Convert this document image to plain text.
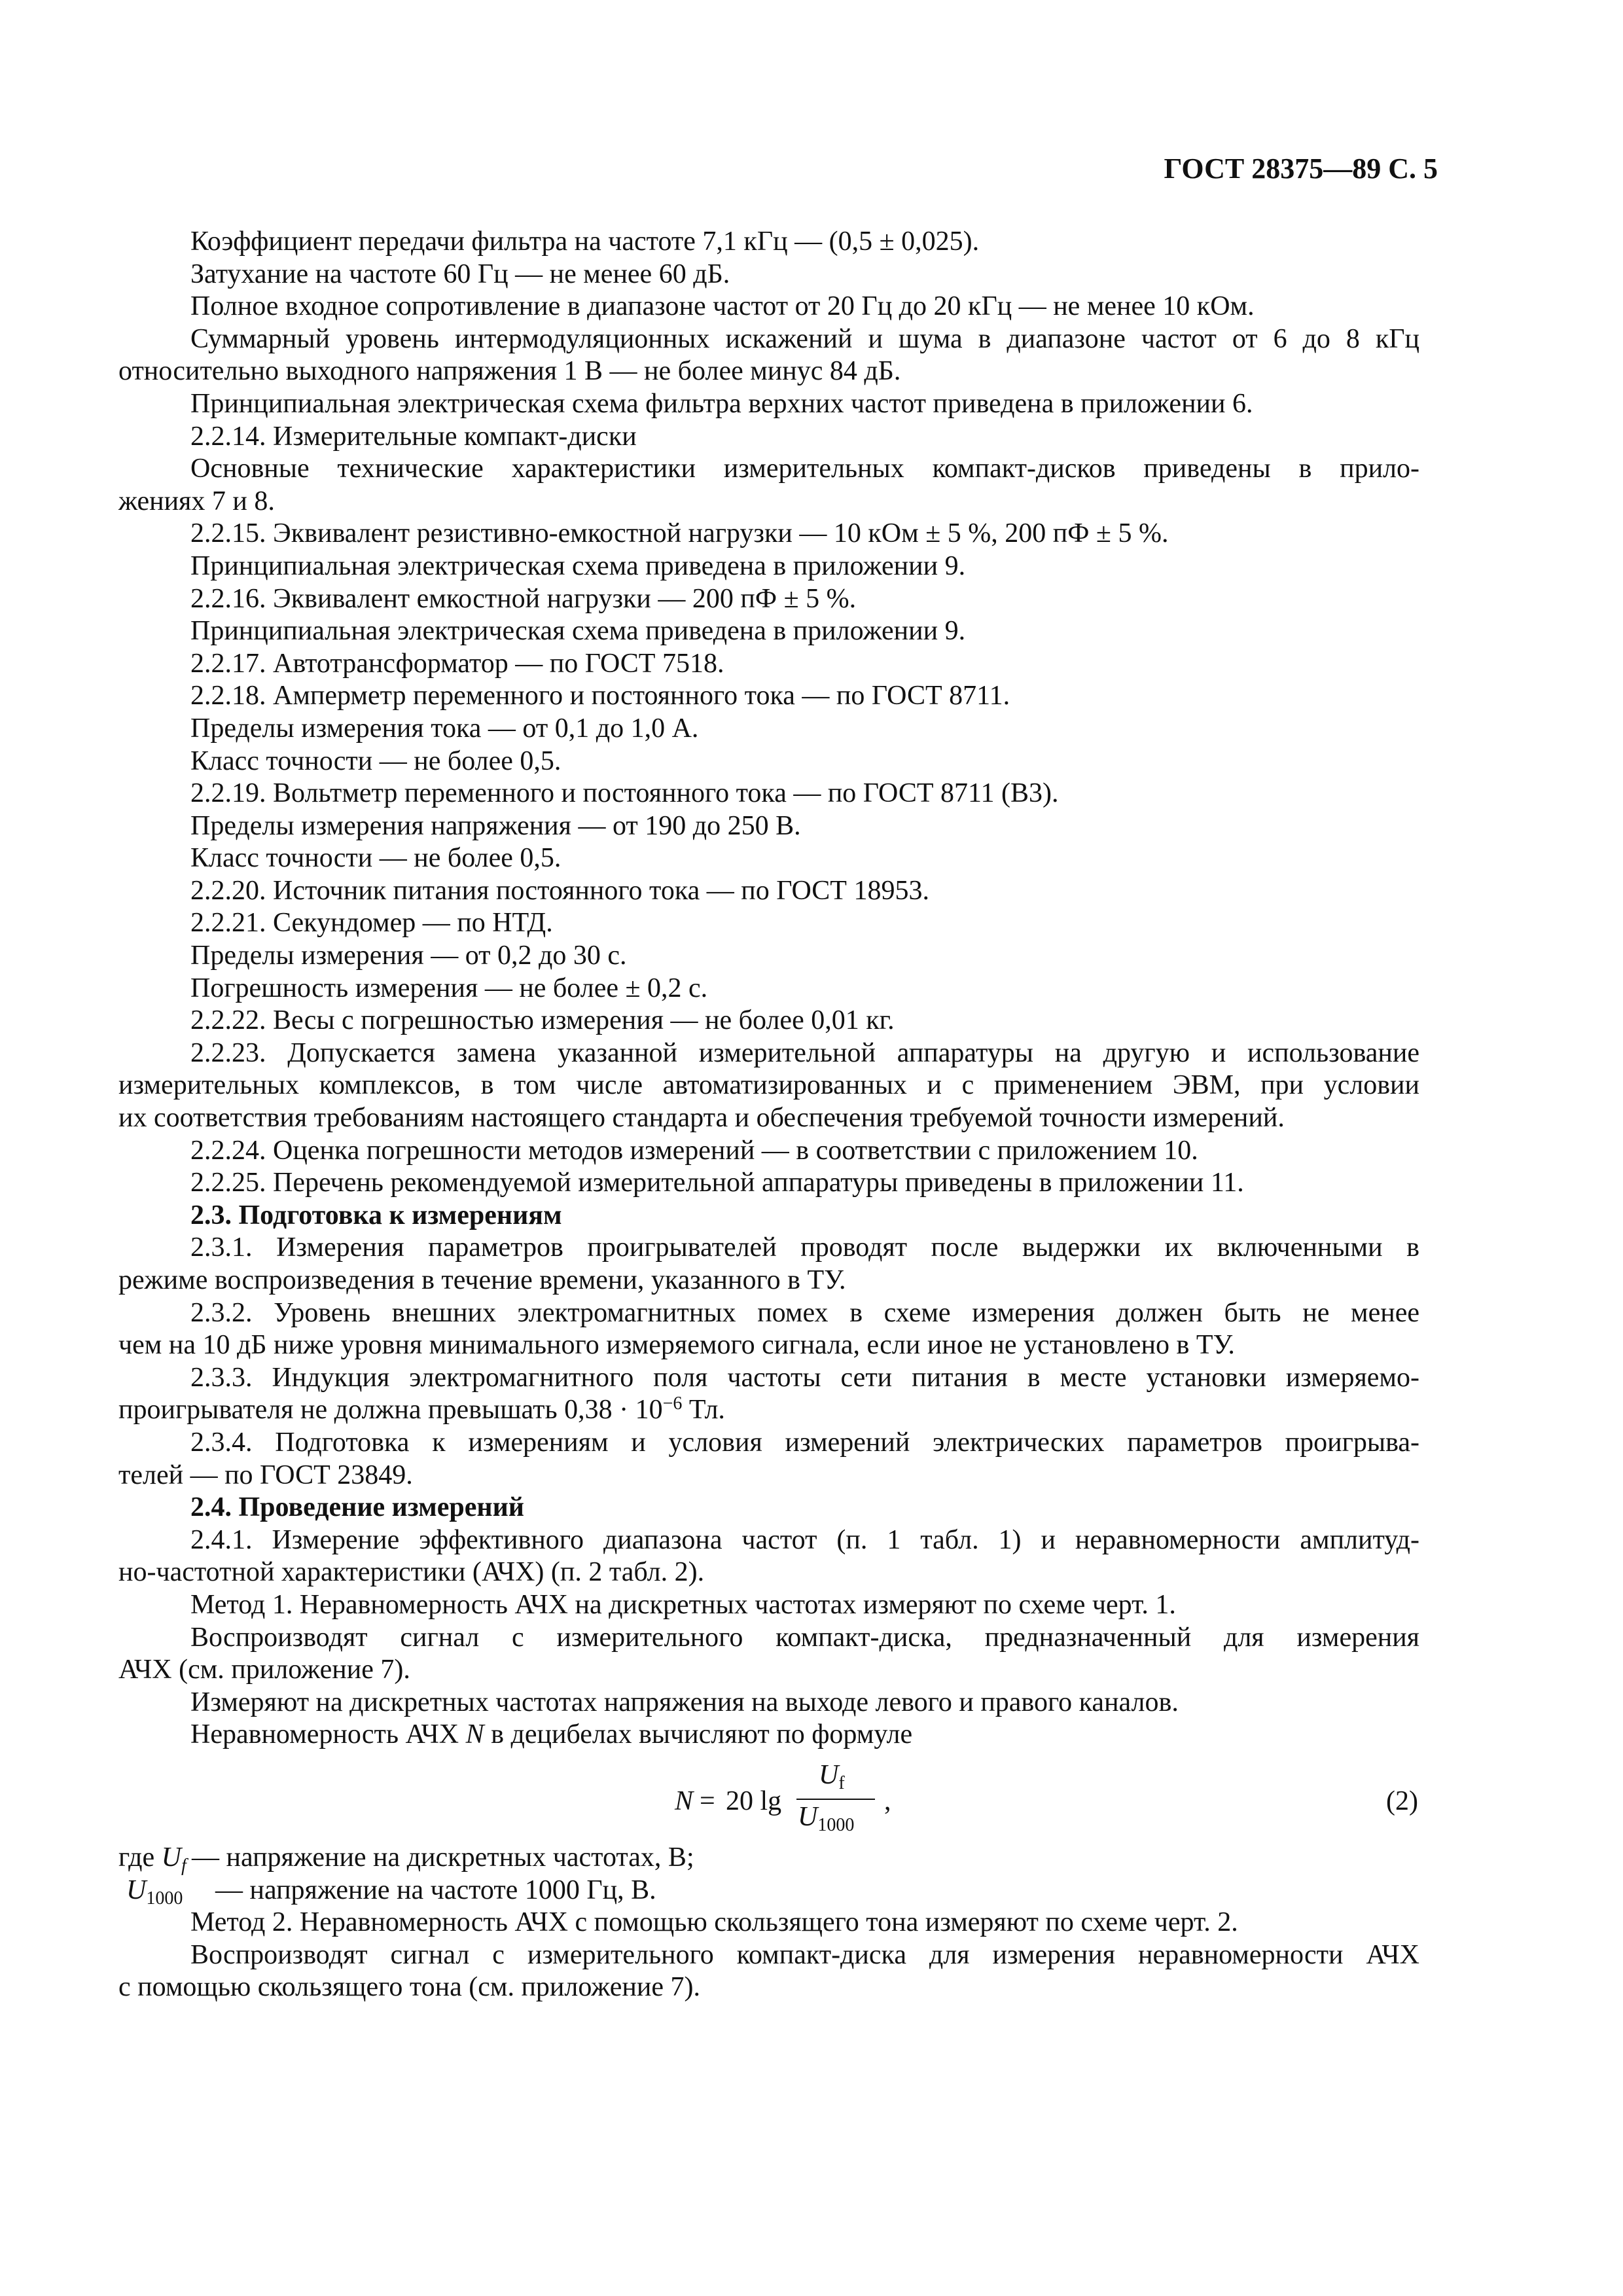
ГОСТ 28375—89 С. 5
Коэффициент передачи фильтра на частоте 7,1 кГц — (0,5 ± 0,025).
Затухание на частоте 60 Гц — не менее 60 дБ.
Полное входное сопротивление в диапазоне частот от 20 Гц до 20 кГц — не менее 10 кОм.
Суммарный уровень интермодуляционных искажений и шума в диапазоне частот от 6 до 8 кГц
относительно выходного напряжения 1 В — не более минус 84 дБ.
Принципиальная электрическая схема фильтра верхних частот приведена в приложении 6.
2.2.14. Измерительные компакт-диски
Основные технические характеристики измерительных компакт-дисков приведены в прило-
жениях 7 и 8.
2.2.15. Эквивалент резистивно-емкостной нагрузки — 10 кОм ± 5 %, 200 пФ ± 5 %.
Принципиальная электрическая схема приведена в приложении 9.
2.2.16. Эквивалент емкостной нагрузки — 200 пФ ± 5 %.
Принципиальная электрическая схема приведена в приложении 9.
2.2.17. Автотрансформатор — по ГОСТ 7518.
2.2.18. Амперметр переменного и постоянного тока — по ГОСТ 8711.
Пределы измерения тока — от 0,1 до 1,0 А.
Класс точности — не более 0,5.
2.2.19. Вольтметр переменного и постоянного тока — по ГОСТ 8711 (В3).
Пределы измерения напряжения — от 190 до 250 В.
Класс точности — не более 0,5.
2.2.20. Источник питания постоянного тока — по ГОСТ 18953.
2.2.21. Секундомер — по НТД.
Пределы измерения — от 0,2 до 30 с.
Погрешность измерения — не более ± 0,2 с.
2.2.22. Весы с погрешностью измерения — не более 0,01 кг.
2.2.23. Допускается замена указанной измерительной аппаратуры на другую и использование
измерительных комплексов, в том числе автоматизированных и с применением ЭВМ, при условии
их соответствия требованиям настоящего стандарта и обеспечения требуемой точности измерений.
2.2.24. Оценка погрешности методов измерений — в соответствии с приложением 10.
2.2.25. Перечень рекомендуемой измерительной аппаратуры приведены в приложении 11.
2.3. Подготовка к измерениям
2.3.1. Измерения параметров проигрывателей проводят после выдержки их включенными в
режиме воспроизведения в течение времени, указанного в ТУ.
2.3.2. Уровень внешних электромагнитных помех в схеме измерения должен быть не менее
чем на 10 дБ ниже уровня минимального измеряемого сигнала, если иное не установлено в ТУ.
2.3.3. Индукция электромагнитного поля частоты сети питания в месте установки измеряемо-
проигрывателя не должна превышать $0,38 \cdot 10^{-6}$ Тл.
2.3.4. Подготовка к измерениям и условия измерений электрических параметров проигрыва-
телей — по ГОСТ 23849.
2.4. Проведение измерений
2.4.1. Измерение эффективного диапазона частот (п. 1 табл. 1) и неравномерности амплитуд-
но-частотной характеристики (АЧХ) (п. 2 табл. 2).
Метод 1. Неравномерность АЧХ на дискретных частотах измеряют по схеме черт. 1.
Воспроизводят сигнал с измерительного компакт-диска, предназначенный для измерения
АЧХ (см. приложение 7).
Измеряют на дискретных частотах напряжения на выходе левого и правого каналов.
Неравномерность АЧХ N в децибелах вычисляют по формуле
N = 20 lg
$U_f$
$U_{1000}$
,	(2)
где $U_f$ — напряжение на дискретных частотах, В;
$U_{1000}$ — напряжение на частоте 1000 Гц, В.
Метод 2. Неравномерность АЧХ с помощью скользящего тона измеряют по схеме черт. 2.
Воспроизводят сигнал с измерительного компакт-диска для измерения неравномерности АЧХ
с помощью скользящего тона (см. приложение 7).
